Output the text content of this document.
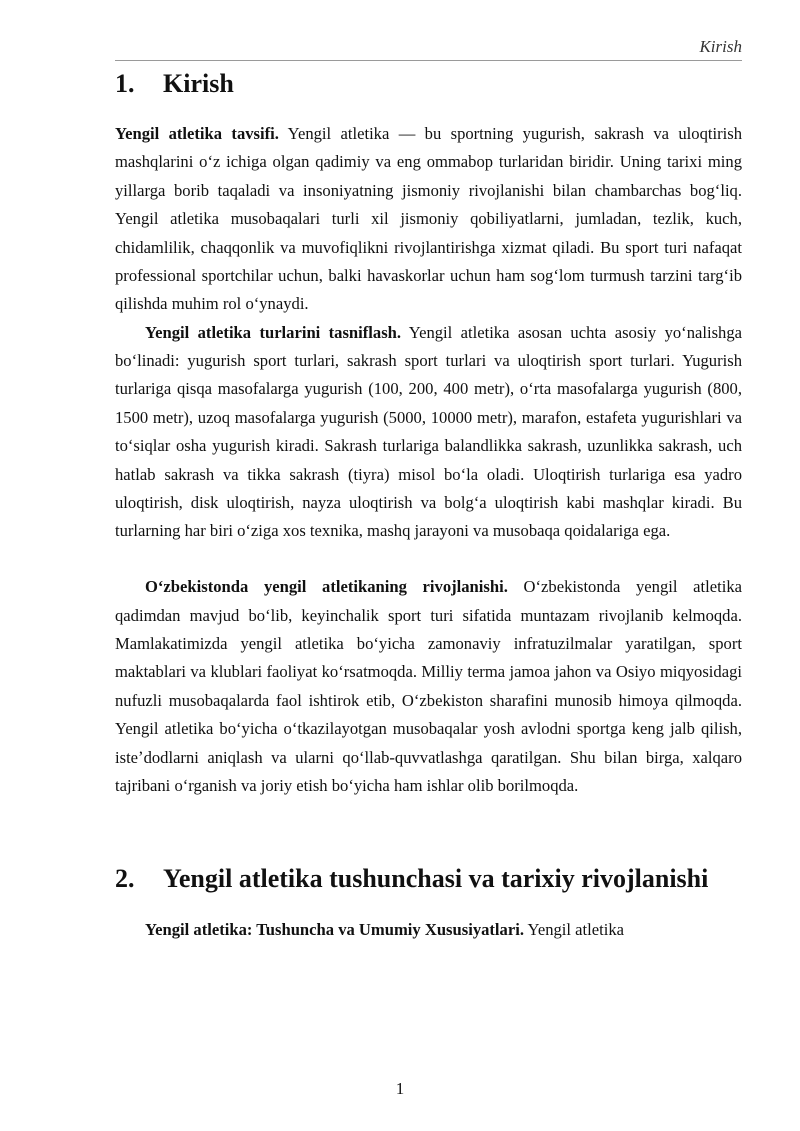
Kirish
1. Kirish

Yengil atletika tavsifi. Yengil atletika — bu sportning yugurish, sakrash va uloqtirish mashqlarini oʻz ichiga olgan qadimiy va eng ommabop turlaridan biridir. Uning tarixi ming yillarga borib taqaladi va insoniyatning jismoniy rivojlanishi bilan chambarchas bogʻliq. Yengil atletika musobaqalari turli xil jismoniy qobiliyatlarni, jumladan, tezlik, kuch, chidamlilik, chaqqonlik va muvofiqlikni rivojlantirishga xizmat qiladi. Bu sport turi nafaqat professional sportchilar uchun, balki havaskorlar uchun ham sogʻlom turmush tarzini targʻib qilishda muhim rol oʻynaydi.

Yengil atletika turlarini tasniflash. Yengil atletika asosan uchta asosiy yoʻnalishga boʻlinadi: yugurish sport turlari, sakrash sport turlari va uloqtirish sport turlari. Yugurish turlariga qisqa masofalarga yugurish (100, 200, 400 metr), oʻrta masofalarga yugurish (800, 1500 metr), uzoq masofalarga yugurish (5000, 10000 metr), marafon, estafeta yugurishlari va toʻsiqlar osha yugurish kiradi. Sakrash turlariga balandlikka sakrash, uzunlikka sakrash, uch hatlab sakrash va tikka sakrash (tiyra) misol boʻla oladi. Uloqtirish turlariga esa yadro uloqtirish, disk uloqtirish, nayza uloqtirish va bolgʻa uloqtirish kabi mashqlar kiradi. Bu turlarning har biri oʻziga xos texnika, mashq jarayoni va musobaqa qoidalariga ega.

Oʻzbekistonda yengil atletikaning rivojlanishi. Oʻzbekistonda yengil atletika qadimdan mavjud boʻlib, keyinchalik sport turi sifatida muntazam rivojlanib kelmoqda. Mamlakatimizda yengil atletika boʻyicha zamonaviy infratuzilmalar yaratilgan, sport maktablari va klublari faoliyat koʻrsatmoqda. Milliy terma jamoa jahon va Osiyo miqyosidagi nufuzli musobaqalarda faol ishtirok etib, Oʻzbekiston sharafini munosib himoya qilmoqda. Yengil atletika boʻyicha oʻtkazilayotgan musobaqalar yosh avlodni sportga keng jalb qilish, isteʼdodlarni aniqlash va ularni qoʻllab-quvvatlashga qaratilgan. Shu bilan birga, xalqaro tajribani oʻrganish va joriy etish boʻyicha ham ishlar olib borilmoqda.

2. Yengil atletika tushunchasi va tarixiy rivojlanishi

Yengil atletika: Tushuncha va Umumiy Xususiyatlari. Yengil atletika

1
